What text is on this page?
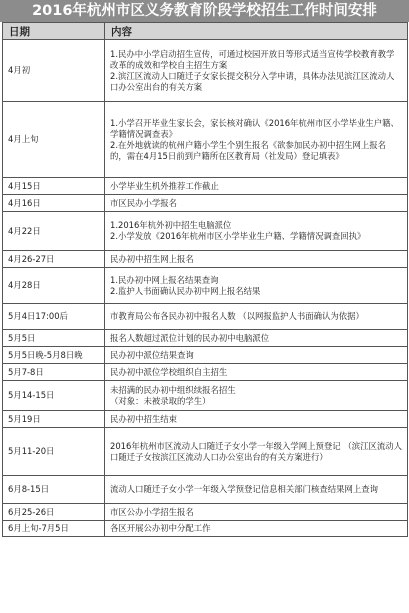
2016年杭州市区义务教育阶段学校招生工作时间安排
日期	内容
4月初	1.民办中小学启动招生宣传，可通过校园开放日等形式适当宣传学校教育教学改革的成效和学校自主招生方案
2.滨江区流动人口随迁子女家长提交积分入学申请，具体办法见滨江区流动人口办公室出台的有关方案

4月上旬	1.小学召开毕业生家长会，家长核对确认《2016年杭州市区小学毕业生户籍、学籍情况调查表》
2.在外地就读的杭州户籍小学生个别生报名《欲参加民办初中招生网上报名的，需在4月15日前到户籍所在区教育局（社发局）登记填表》

4月15日	小学毕业生机外推荐工作截止

4月16日	市区民办小学报名

4月22日	1.2016年杭外初中招生电脑派位
2.小学发放《2016年杭州市区小学毕业生户籍、学籍情况调查回执》

4月26-27日	民办初中招生网上报名

4月28日	1.民办初中网上报名结果查询
2.监护人书面确认民办初中网上报名结果

5月4日17:00后	市教育局公布各民办初中报名人数 （以网报监护人书面确认为依据）

5月5日	报名人数超过派位计划的民办初中电脑派位

5月5日晚-5月8日晚	民办初中派位结果查询

5月7-8日	民办初中派位学校组织自主招生

5月14-15日	未招满的民办初中组织续报名招生
（对象：未被录取的学生）

5月19日	民办初中招生结束

5月11-20日	2016年杭州市区流动人口随迁子女小学一年级入学网上预登记 （滨江区流动人口随迁子女按滨江区流动人口办公室出台的有关方案进行）

6月8-15日	流动人口随迁子女小学一年级入学预登记信息相关部门核查结果网上查询

6月25-26日	市区公办小学招生报名

6月上旬-7月5日	各区开展公办初中分配工作
